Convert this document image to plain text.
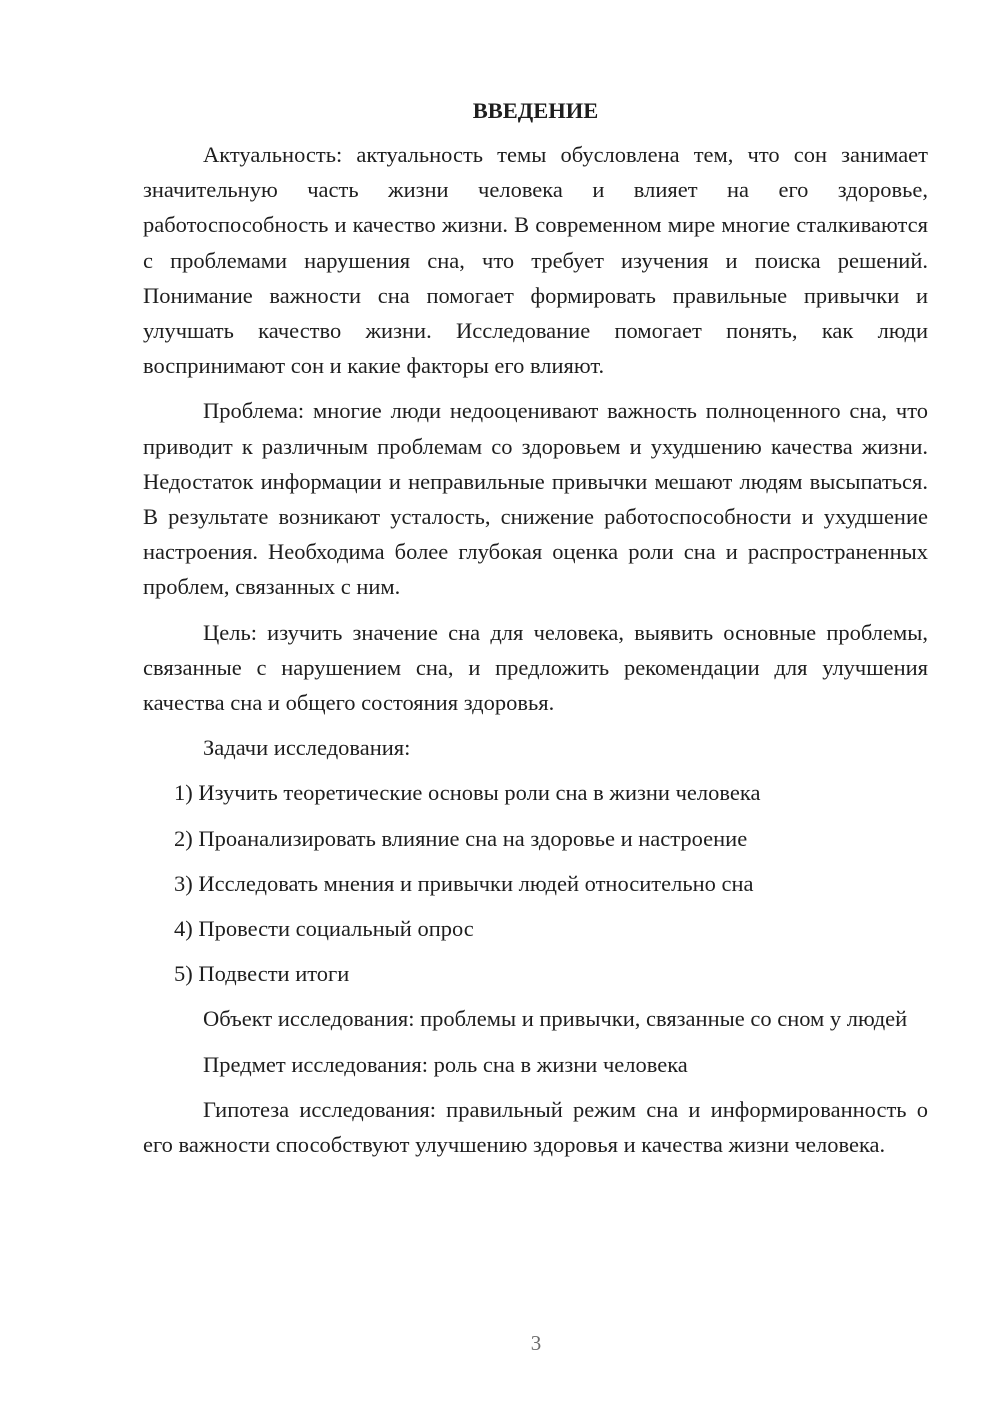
ВВЕДЕНИЕ

Актуальность: актуальность темы обусловлена тем, что сон занимает значительную часть жизни человека и влияет на его здоровье, работоспособность и качество жизни. В современном мире многие сталкиваются с проблемами нарушения сна, что требует изучения и поиска решений. Понимание важности сна помогает формировать правильные привычки и улучшать качество жизни. Исследование помогает понять, как люди воспринимают сон и какие факторы его влияют.

Проблема: многие люди недооценивают важность полноценного сна, что приводит к различным проблемам со здоровьем и ухудшению качества жизни. Недостаток информации и неправильные привычки мешают людям высыпаться. В результате возникают усталость, снижение работоспособности и ухудшение настроения. Необходима более глубокая оценка роли сна и распространенных проблем, связанных с ним.

Цель: изучить значение сна для человека, выявить основные проблемы, связанные с нарушением сна, и предложить рекомендации для улучшения качества сна и общего состояния здоровья.

Задачи исследования:

1) Изучить теоретические основы роли сна в жизни человека
2) Проанализировать влияние сна на здоровье и настроение
3) Исследовать мнения и привычки людей относительно сна
4) Провести социальный опрос
5) Подвести итоги

Объект исследования: проблемы и привычки, связанные со сном у людей

Предмет исследования: роль сна в жизни человека

Гипотеза исследования: правильный режим сна и информированность о его важности способствуют улучшению здоровья и качества жизни человека.

3
